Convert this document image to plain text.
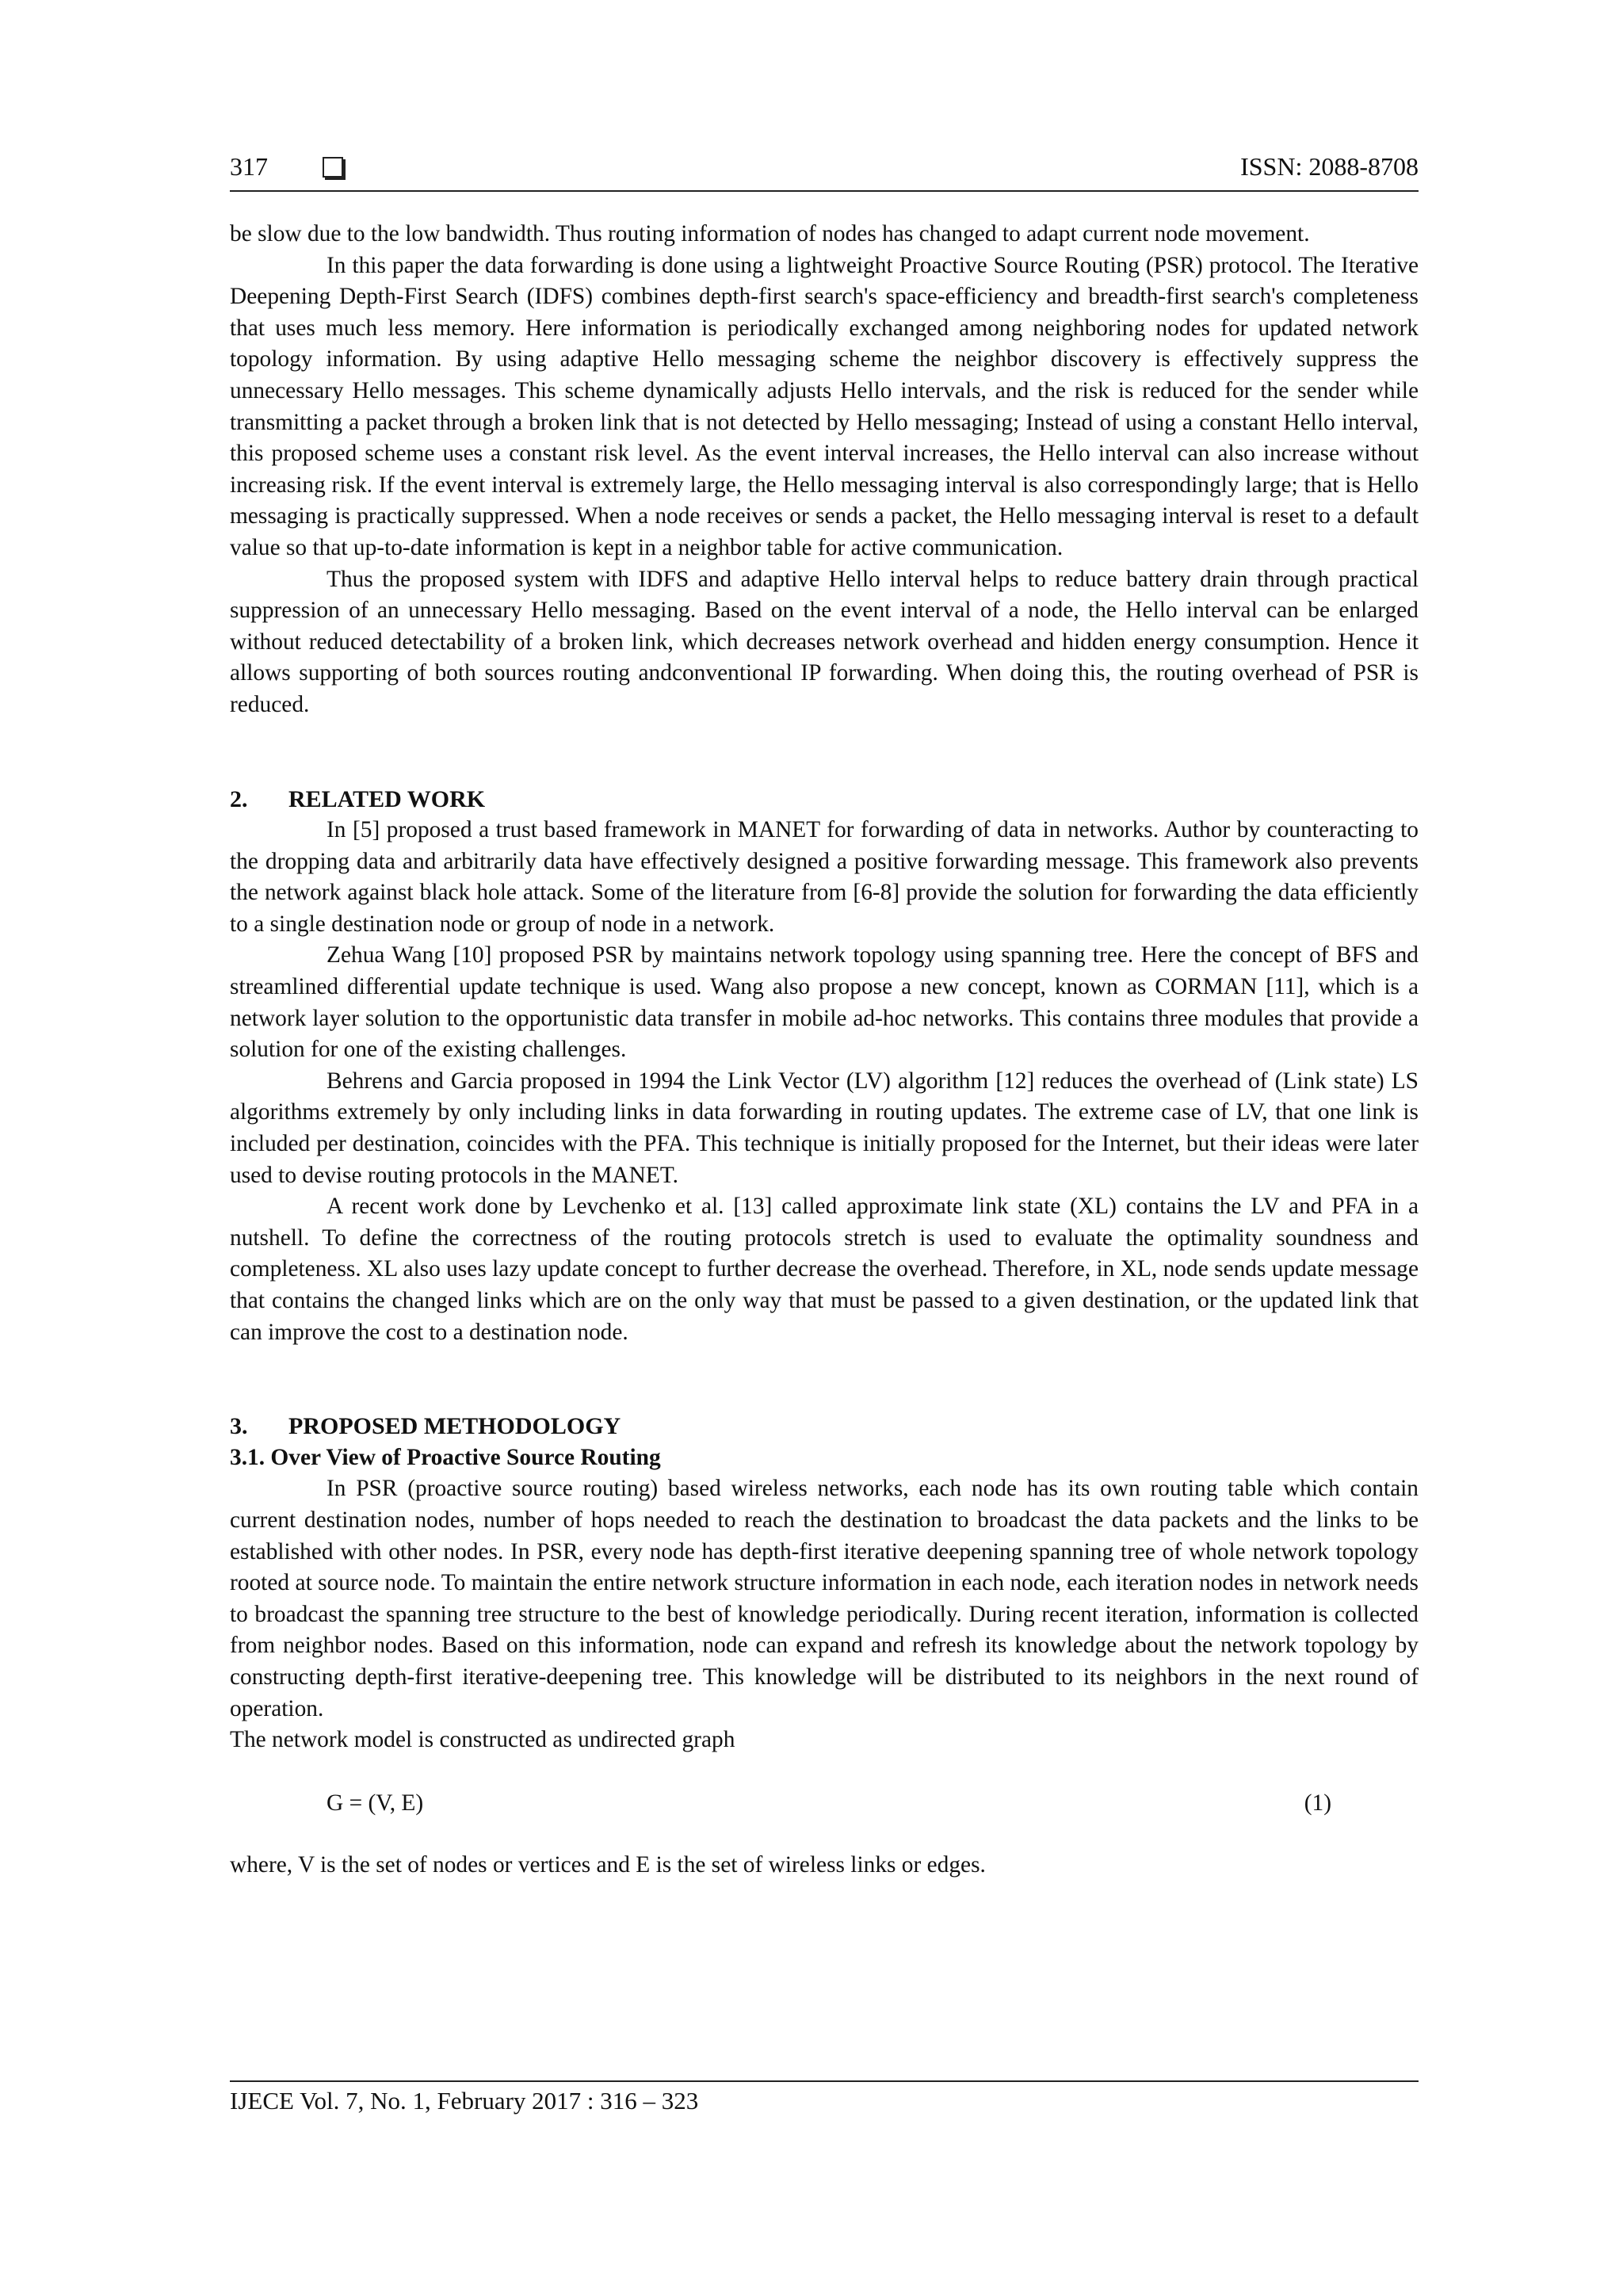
317	ISSN: 2088-8708

be slow due to the low bandwidth. Thus routing information of nodes has changed to adapt current node movement.

In this paper the data forwarding is done using a lightweight Proactive Source Routing (PSR) protocol. The Iterative Deepening Depth-First Search (IDFS) combines depth-first search's space-efficiency and breadth-first search's completeness that uses much less memory. Here information is periodically exchanged among neighboring nodes for updated network topology information. By using adaptive Hello messaging scheme the neighbor discovery is effectively suppress the unnecessary Hello messages. This scheme dynamically adjusts Hello intervals, and the risk is reduced for the sender while transmitting a packet through a broken link that is not detected by Hello messaging; Instead of using a constant Hello interval, this proposed scheme uses a constant risk level. As the event interval increases, the Hello interval can also increase without increasing risk. If the event interval is extremely large, the Hello messaging interval is also correspondingly large; that is Hello messaging is practically suppressed. When a node receives or sends a packet, the Hello messaging interval is reset to a default value so that up-to-date information is kept in a neighbor table for active communication.

Thus the proposed system with IDFS and adaptive Hello interval helps to reduce battery drain through practical suppression of an unnecessary Hello messaging. Based on the event interval of a node, the Hello interval can be enlarged without reduced detectability of a broken link, which decreases network overhead and hidden energy consumption. Hence it allows supporting of both sources routing andconventional IP forwarding. When doing this, the routing overhead of PSR is reduced.

2. RELATED WORK

In [5] proposed a trust based framework in MANET for forwarding of data in networks. Author by counteracting to the dropping data and arbitrarily data have effectively designed a positive forwarding message. This framework also prevents the network against black hole attack. Some of the literature from [6-8] provide the solution for forwarding the data efficiently to a single destination node or group of node in a network.

Zehua Wang [10] proposed PSR by maintains network topology using spanning tree. Here the concept of BFS and streamlined differential update technique is used. Wang also propose a new concept, known as CORMAN [11], which is a network layer solution to the opportunistic data transfer in mobile ad-hoc networks. This contains three modules that provide a solution for one of the existing challenges.

Behrens and Garcia proposed in 1994 the Link Vector (LV) algorithm [12] reduces the overhead of (Link state) LS algorithms extremely by only including links in data forwarding in routing updates. The extreme case of LV, that one link is included per destination, coincides with the PFA. This technique is initially proposed for the Internet, but their ideas were later used to devise routing protocols in the MANET.

A recent work done by Levchenko et al. [13] called approximate link state (XL) contains the LV and PFA in a nutshell. To define the correctness of the routing protocols stretch is used to evaluate the optimality soundness and completeness. XL also uses lazy update concept to further decrease the overhead. Therefore, in XL, node sends update message that contains the changed links which are on the only way that must be passed to a given destination, or the updated link that can improve the cost to a destination node.

3. PROPOSED METHODOLOGY
3.1. Over View of Proactive Source Routing

In PSR (proactive source routing) based wireless networks, each node has its own routing table which contain current destination nodes, number of hops needed to reach the destination to broadcast the data packets and the links to be established with other nodes. In PSR, every node has depth-first iterative deepening spanning tree of whole network topology rooted at source node. To maintain the entire network structure information in each node, each iteration nodes in network needs to broadcast the spanning tree structure to the best of knowledge periodically. During recent iteration, information is collected from neighbor nodes. Based on this information, node can expand and refresh its knowledge about the network topology by constructing depth-first iterative-deepening tree. This knowledge will be distributed to its neighbors in the next round of operation.

The network model is constructed as undirected graph

G = (V, E)	(1)

where, V is the set of nodes or vertices and E is the set of wireless links or edges.

IJECE Vol. 7, No. 1, February 2017 : 316 – 323
